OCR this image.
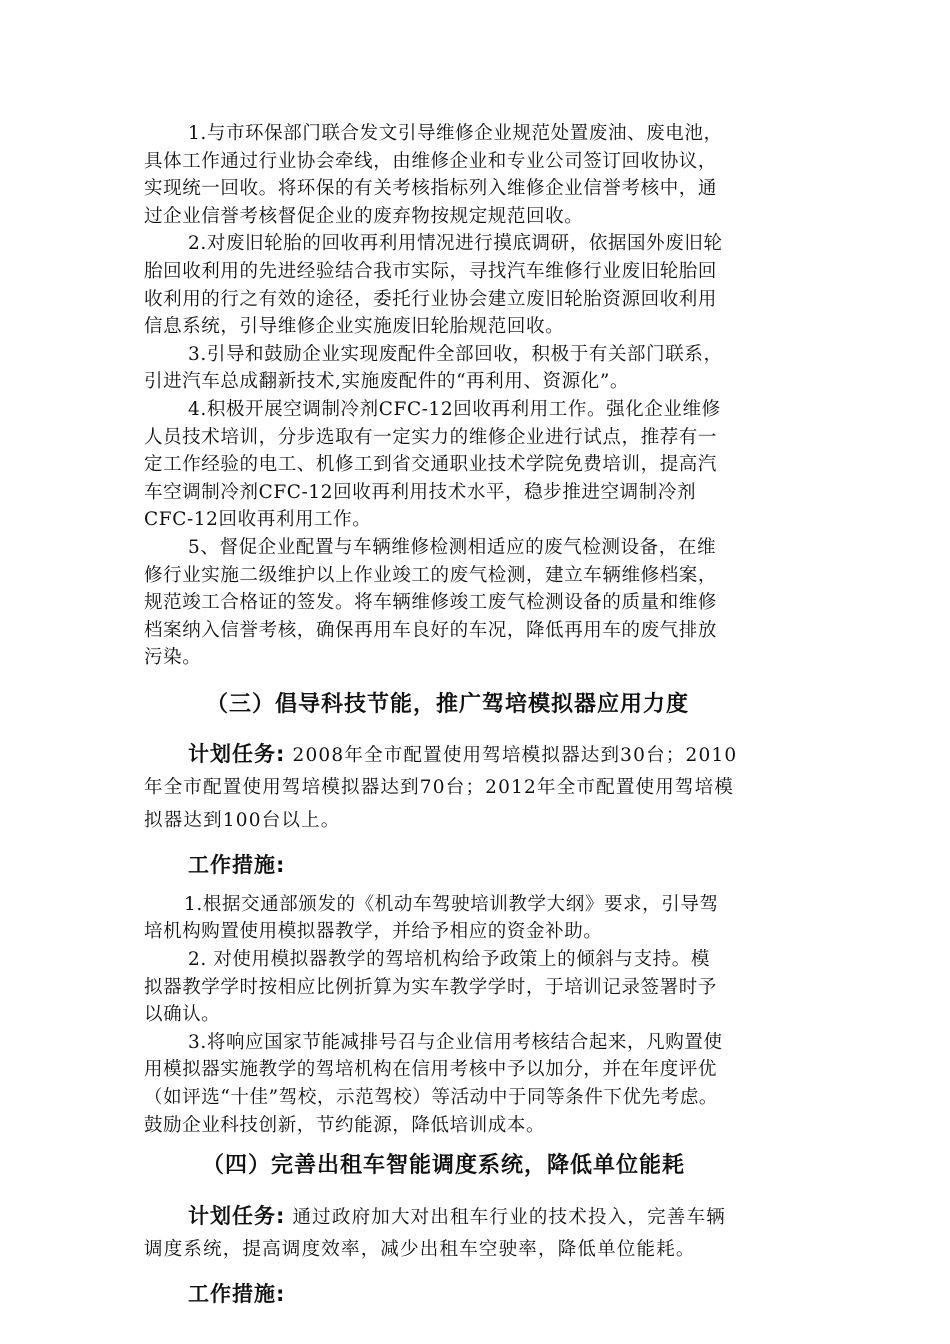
1.与市环保部门联合发文引导维修企业规范处置废油、废电池，
具体工作通过行业协会牵线，由维修企业和专业公司签订回收协议，
实现统一回收。将环保的有关考核指标列入维修企业信誉考核中，通
过企业信誉考核督促企业的废弃物按规定规范回收。
2.对废旧轮胎的回收再利用情况进行摸底调研，依据国外废旧轮
胎回收利用的先进经验结合我市实际，寻找汽车维修行业废旧轮胎回
收利用的行之有效的途径，委托行业协会建立废旧轮胎资源回收利用
信息系统，引导维修企业实施废旧轮胎规范回收。
3.引导和鼓励企业实现废配件全部回收，积极于有关部门联系，
引进汽车总成翻新技术,实施废配件的“再利用、资源化”。
4.积极开展空调制冷剂CFC-12回收再利用工作。强化企业维修
人员技术培训，分步选取有一定实力的维修企业进行试点，推荐有一
定工作经验的电工、机修工到省交通职业技术学院免费培训，提高汽
车空调制冷剂CFC-12回收再利用技术水平，稳步推进空调制冷剂
CFC-12回收再利用工作。
5、督促企业配置与车辆维修检测相适应的废气检测设备，在维
修行业实施二级维护以上作业竣工的废气检测，建立车辆维修档案，
规范竣工合格证的签发。将车辆维修竣工废气检测设备的质量和维修
档案纳入信誉考核，确保再用车良好的车况，降低再用车的废气排放
污染。
（三）倡导科技节能，推广驾培模拟器应用力度
计划任务: 2008年全市配置使用驾培模拟器达到30台；2010
年全市配置使用驾培模拟器达到70台；2012年全市配置使用驾培模
拟器达到100台以上。
工作措施:
1.根据交通部颁发的《机动车驾驶培训教学大纲》要求，引导驾
培机构购置使用模拟器教学，并给予相应的资金补助。
2. 对使用模拟器教学的驾培机构给予政策上的倾斜与支持。模
拟器教学学时按相应比例折算为实车教学学时，于培训记录签署时予
以确认。
3.将响应国家节能减排号召与企业信用考核结合起来，凡购置使
用模拟器实施教学的驾培机构在信用考核中予以加分，并在年度评优
（如评选“十佳”驾校，示范驾校）等活动中于同等条件下优先考虑。
鼓励企业科技创新，节约能源，降低培训成本。
（四）完善出租车智能调度系统，降低单位能耗
计划任务: 通过政府加大对出租车行业的技术投入，完善车辆
调度系统，提高调度效率，减少出租车空驶率，降低单位能耗。
工作措施:
